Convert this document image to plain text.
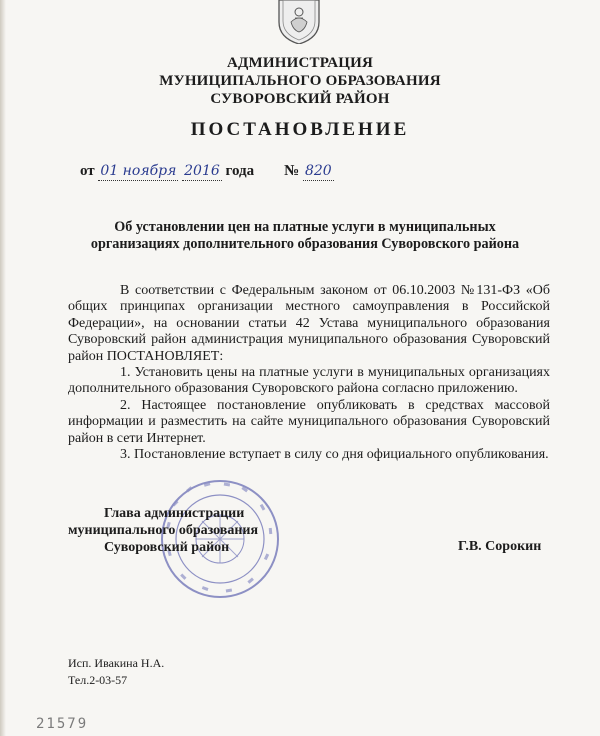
АДМИНИСТРАЦИЯ
МУНИЦИПАЛЬНОГО ОБРАЗОВАНИЯ
СУВОРОВСКИЙ РАЙОН
ПОСТАНОВЛЕНИЕ
от 01 ноября 2016 года № 820
Об установлении цен на платные услуги в муниципальных
организациях дополнительного образования Суворовского района

В соответствии с Федеральным законом от 06.10.2003 №131-ФЗ «Об общих принципах организации местного самоуправления в Российской Федерации», на основании статьи 42 Устава муниципального образования Суворовский район администрация муниципального образования Суворовский район ПОСТАНОВЛЯЕТ:

1. Установить цены на платные услуги в муниципальных организациях дополнительного образования Суворовского района согласно приложению.

2. Настоящее постановление опубликовать в средствах массовой информации и разместить на сайте муниципального образования Суворовский район в сети Интернет.

3. Постановление вступает в силу со дня официального опубликования.

Глава администрации
муниципального образования
Суворовский район	Г.В. Сорокин
Исп. Ивакина Н.А.
Тел.2-03-57
21579
